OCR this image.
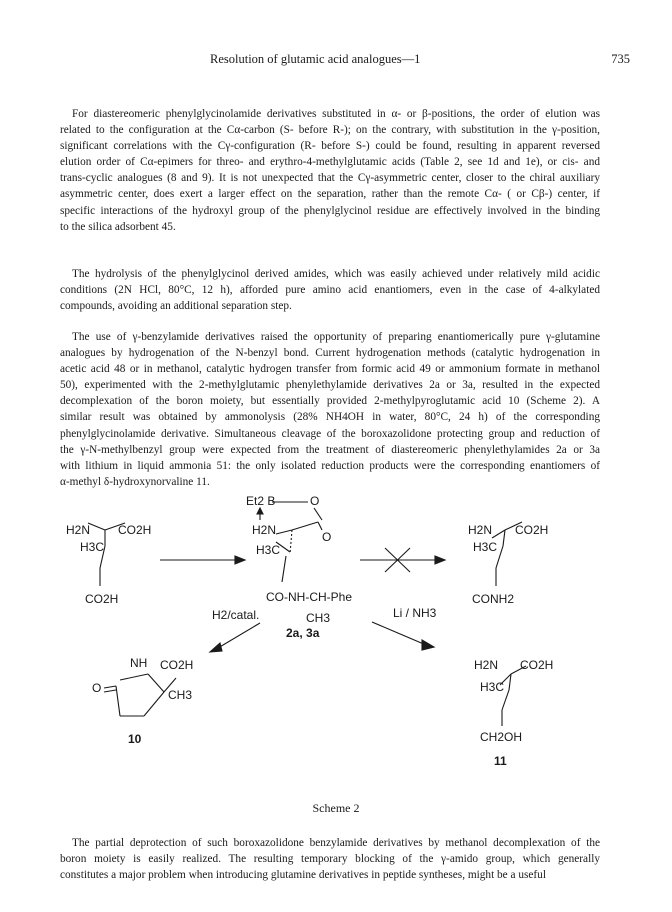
Resolution of glutamic acid analogues—1	735
For diastereomeric phenylglycinolamide derivatives substituted in α- or β-positions, the order of elution was
related to the configuration at the Cα-carbon (S- before R-); on the contrary, with substitution in the γ-position,
significant correlations with the Cγ-configuration (R- before S-) could be found, resulting in apparent reversed
elution order of Cα-epimers for threo- and erythro-4-methylglutamic acids (Table 2, see 1d and 1e), or cis- and
trans-cyclic analogues (8 and 9). It is not unexpected that the Cγ-asymmetric center, closer to the chiral auxiliary
asymmetric center, does exert a larger effect on the separation, rather than the remote Cα- ( or Cβ-) center, if
specific interactions of the hydroxyl group of the phenylglycinol residue are effectively involved in the binding
to the silica adsorbent 45.
The hydrolysis of the phenylglycinol derived amides, which was easily achieved under relatively mild acidic
conditions (2N HCl, 80°C, 12 h), afforded pure amino acid enantiomers, even in the case of 4-alkylated
compounds, avoiding an additional separation step.
The use of γ-benzylamide derivatives raised the opportunity of preparing enantiomerically pure γ-glutamine
analogues by hydrogenation of the N-benzyl bond. Current hydrogenation methods (catalytic hydrogenation in
acetic acid 48 or in methanol, catalytic hydrogen transfer from formic acid 49 or ammonium formate in methanol
50), experimented with the 2-methylglutamic phenylethylamide derivatives 2a or 3a, resulted in the expected
decomplexation of the boron moiety, but essentially provided 2-methylpyroglutamic acid 10 (Scheme 2). A
similar result was obtained by ammonolysis (28% NH4OH in water, 80°C, 24 h) of the corresponding
phenylglycinolamide derivative. Simultaneous cleavage of the boroxazolidone protecting group and reduction of
the γ-N-methylbenzyl group were expected from the treatment of diastereomeric phenylethylamides 2a or 3a
with lithium in liquid ammonia 51: the only isolated reduction products were the corresponding enantiomers of
α-methyl δ-hydroxynorvaline 11.
H2N CO2H
H3C
CO2H
Et2 B	O
H2N	O
H3C
CO-NH-CH-Phe
CH3
2a, 3a
H2N CO2H
H3C
CONH2
H2/catal.	Li / NH3
NH CO2H
O	CH3
10
H2N CO2H
H3C
CH2OH
11
Scheme 2
The partial deprotection of such boroxazolidone benzylamide derivatives by methanol decomplexation of the
boron moiety is easily realized. The resulting temporary blocking of the γ-amido group, which generally
constitutes a major problem when introducing glutamine derivatives in peptide syntheses, might be a useful
